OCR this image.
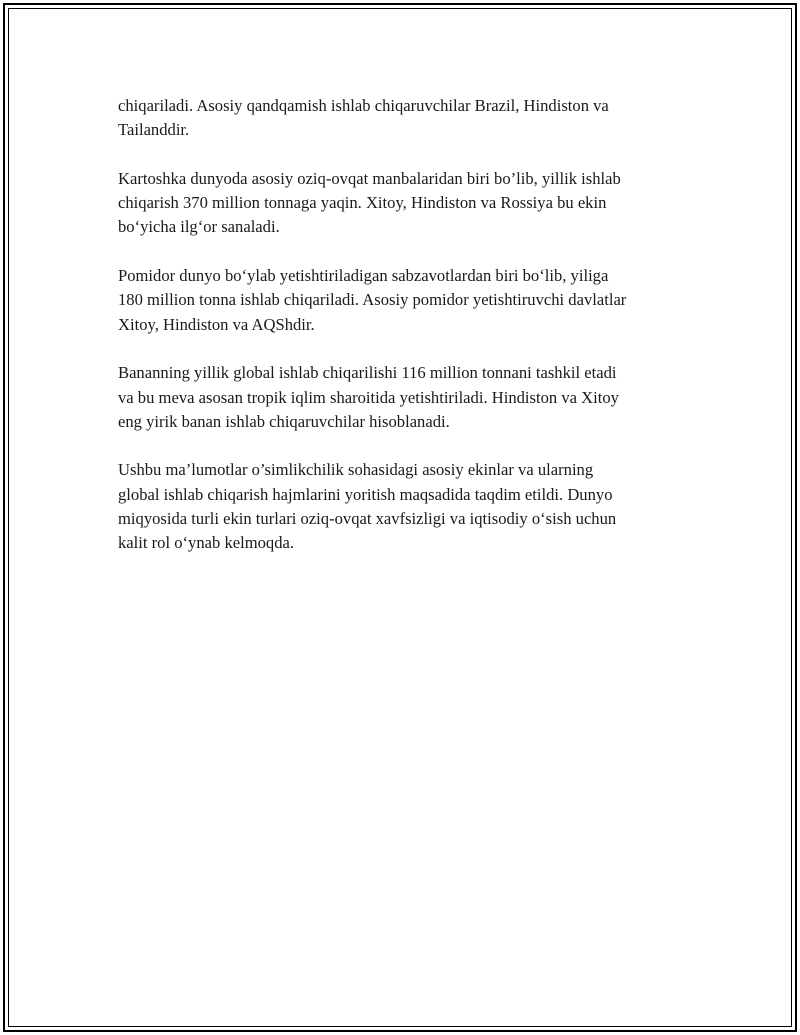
chiqariladi. Asosiy qandqamish ishlab chiqaruvchilar Brazil, Hindiston va
Tailanddir.

Kartoshka dunyoda asosiy oziq-ovqat manbalaridan biri bo’lib, yillik ishlab
chiqarish 370 million tonnaga yaqin. Xitoy, Hindiston va Rossiya bu ekin
bo‘yicha ilg‘or sanaladi.

Pomidor dunyo bo‘ylab yetishtiriladigan sabzavotlardan biri bo‘lib, yiliga
180 million tonna ishlab chiqariladi. Asosiy pomidor yetishtiruvchi davlatlar
Xitoy, Hindiston va AQShdir.

Bananning yillik global ishlab chiqarilishi 116 million tonnani tashkil etadi
va bu meva asosan tropik iqlim sharoitida yetishtiriladi. Hindiston va Xitoy
eng yirik banan ishlab chiqaruvchilar hisoblanadi.

Ushbu ma’lumotlar o’simlikchilik sohasidagi asosiy ekinlar va ularning
global ishlab chiqarish hajmlarini yoritish maqsadida taqdim etildi. Dunyo
miqyosida turli ekin turlari oziq-ovqat xavfsizligi va iqtisodiy o‘sish uchun
kalit rol o‘ynab kelmoqda.
